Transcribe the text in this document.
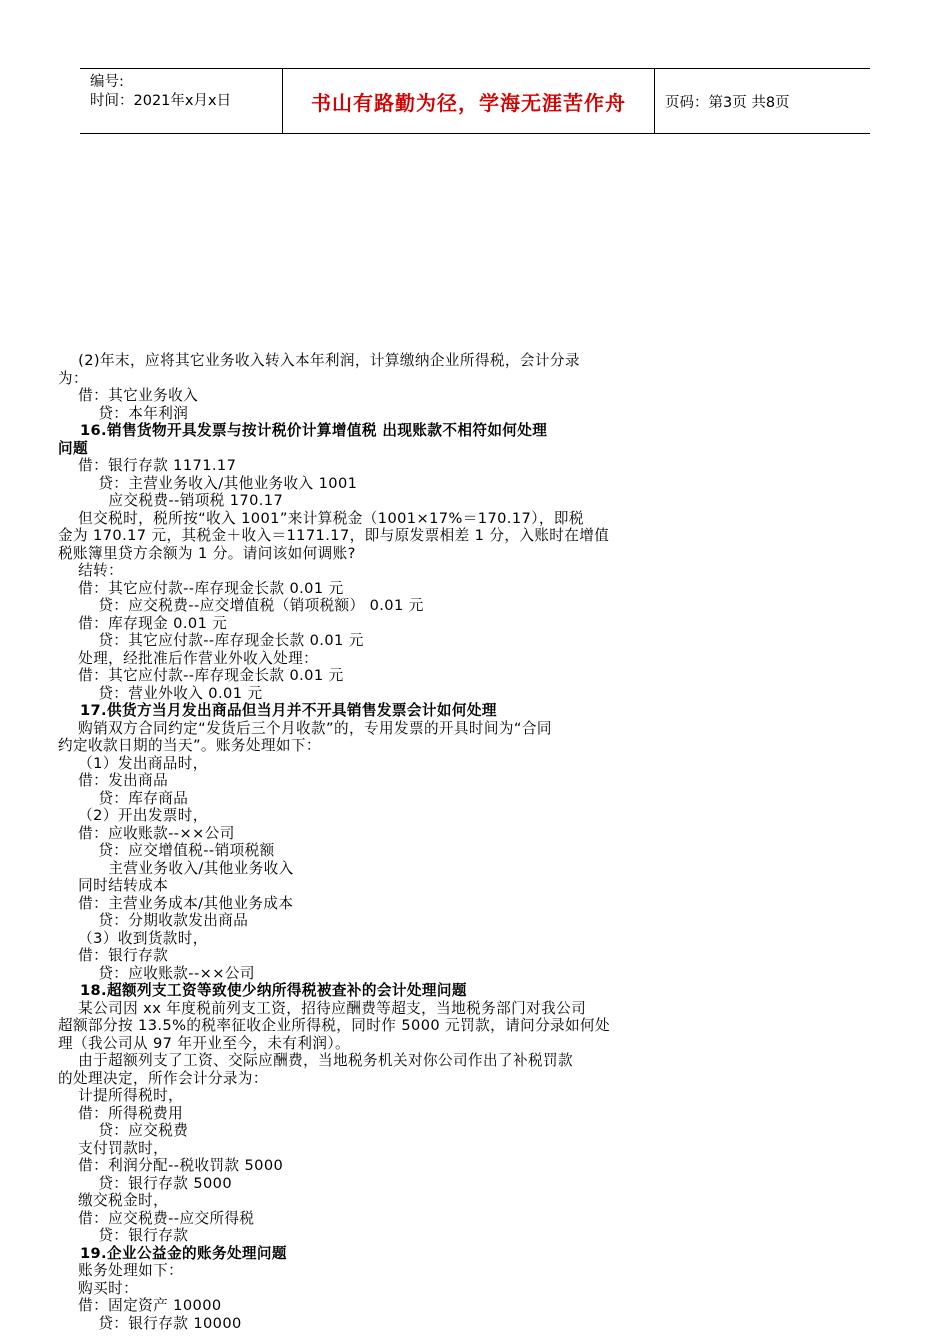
编号:
时间：2021年x月x日	书山有路勤为径，学海无涯苦作舟	页码：第3页 共8页

(2)年末，应将其它业务收入转入本年利润，计算缴纳企业所得税，会计分录

为：

借：其它业务收入

贷：本年利润

16.销售货物开具发票与按计税价计算增值税 出现账款不相符如何处理

问题

借：银行存款 1171.17

贷：主营业务收入/其他业务收入 1001

应交税费--销项税 170.17

但交税时，税所按“收入 1001”来计算税金（1001×17%＝170.17），即税

金为 170.17 元，其税金＋收入＝1171.17，即与原发票相差 1 分，入账时在增值

税账簿里贷方余额为 1 分。请问该如何调账?

结转：

借：其它应付款--库存现金长款 0.01 元

贷：应交税费--应交增值税（销项税额） 0.01 元

借：库存现金 0.01 元

贷：其它应付款--库存现金长款 0.01 元

处理，经批准后作营业外收入处理：

借：其它应付款--库存现金长款 0.01 元

贷：营业外收入 0.01 元

17.供货方当月发出商品但当月并不开具销售发票会计如何处理

购销双方合同约定“发货后三个月收款”的，专用发票的开具时间为“合同

约定收款日期的当天”。账务处理如下：

（1）发出商品时，

借：发出商品

贷：库存商品

（2）开出发票时，

借：应收账款--××公司

贷：应交增值税--销项税额

主营业务收入/其他业务收入

同时结转成本

借：主营业务成本/其他业务成本

贷：分期收款发出商品

（3）收到货款时，

借：银行存款

贷：应收账款--××公司

18.超额列支工资等致使少纳所得税被查补的会计处理问题

某公司因 xx 年度税前列支工资，招待应酬费等超支，当地税务部门对我公司

超额部分按 13.5%的税率征收企业所得税，同时作 5000 元罚款，请问分录如何处

理（我公司从 97 年开业至今，未有利润）。

由于超额列支了工资、交际应酬费，当地税务机关对你公司作出了补税罚款

的处理决定，所作会计分录为：

计提所得税时，

借：所得税费用

贷：应交税费

支付罚款时，

借：利润分配--税收罚款 5000

贷：银行存款 5000

缴交税金时，

借：应交税费--应交所得税

贷：银行存款

19.企业公益金的账务处理问题

账务处理如下：

购买时：

借：固定资产 10000

贷：银行存款 10000
